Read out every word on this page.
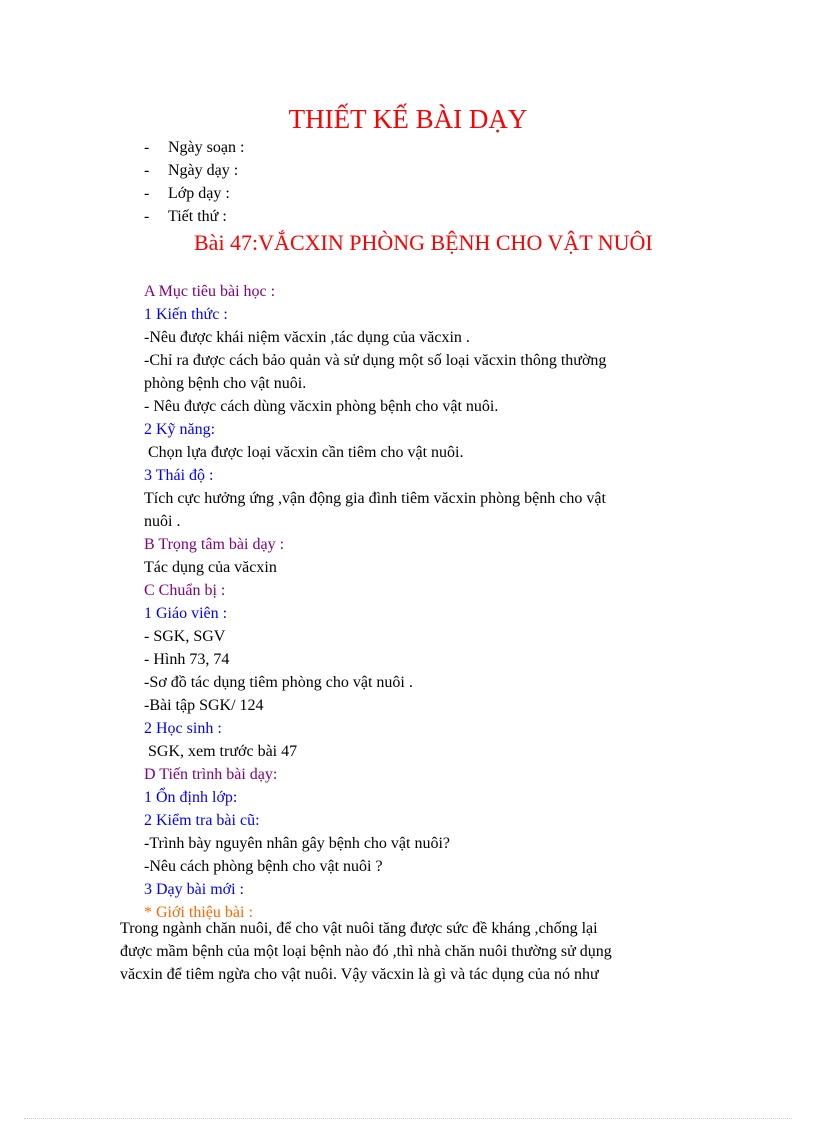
THIẾT KẾ BÀI DẠY
- Ngày soạn :
- Ngày dạy :
- Lớp dạy :
- Tiết thứ :
Bài 47:VẮCXIN PHÒNG BỆNH CHO VẬT NUÔI
A Mục tiêu bài học :
1 Kiến thức :
-Nêu được khái niệm văcxin ,tác dụng của văcxin .
-Chỉ ra được cách bảo quản và sử dụng một số loại văcxin thông thường
phòng bệnh cho vật nuôi.
- Nêu được cách dùng văcxin phòng bệnh cho vật nuôi.
2 Kỹ năng:
Chọn lựa được loại văcxin cần tiêm cho vật nuôi.
3 Thái độ :
Tích cực hưởng ứng ,vận động gia đình tiêm văcxin phòng bệnh cho vật
nuôi .
B Trọng tâm bài dạy :
Tác dụng của văcxin
C Chuẩn bị :
1 Giáo viên :
- SGK, SGV
- Hình 73, 74
-Sơ đồ tác dụng tiêm phòng cho vật nuôi .
-Bài tập SGK/ 124
2 Học sinh :
SGK, xem trước bài 47
D Tiến trình bài dạy:
1 Ổn định lớp:
2 Kiểm tra bài cũ:
-Trình bày nguyên nhân gây bệnh cho vật nuôi?
-Nêu cách phòng bệnh cho vật nuôi ?
3 Dạy bài mới :
* Giới thiệu bài :
Trong ngành chăn nuôi, để cho vật nuôi tăng được sức đề kháng ,chống lại
được mầm bệnh của một loại bệnh nào đó ,thì nhà chăn nuôi thường sử dụng
văcxin để tiêm ngừa cho vật nuôi. Vậy văcxin là gì và tác dụng của nó như
